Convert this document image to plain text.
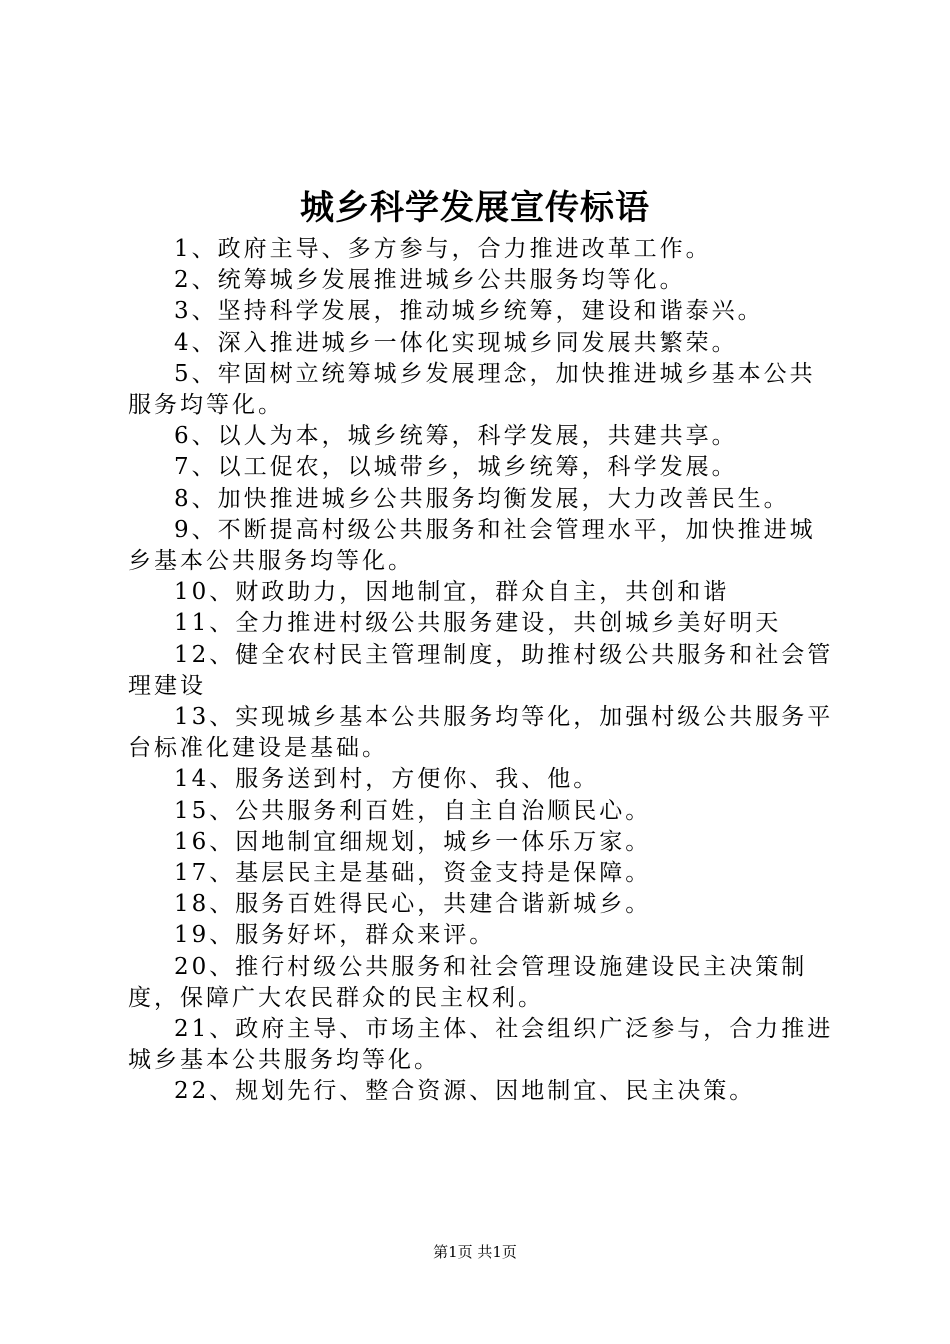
城乡科学发展宣传标语

1、政府主导、多方参与，合力推进改革工作。

2、统筹城乡发展推进城乡公共服务均等化。

3、坚持科学发展，推动城乡统筹，建设和谐泰兴。

4、深入推进城乡一体化实现城乡同发展共繁荣。

5、牢固树立统筹城乡发展理念，加快推进城乡基本公共服务均等化。

6、以人为本，城乡统筹，科学发展，共建共享。

7、以工促农，以城带乡，城乡统筹，科学发展。

8、加快推进城乡公共服务均衡发展，大力改善民生。

9、不断提高村级公共服务和社会管理水平，加快推进城乡基本公共服务均等化。

10、财政助力，因地制宜，群众自主，共创和谐

11、全力推进村级公共服务建设，共创城乡美好明天

12、健全农村民主管理制度，助推村级公共服务和社会管理建设

13、实现城乡基本公共服务均等化，加强村级公共服务平台标准化建设是基础。

14、服务送到村，方便你、我、他。

15、公共服务利百姓，自主自治顺民心。

16、因地制宜细规划，城乡一体乐万家。

17、基层民主是基础，资金支持是保障。

18、服务百姓得民心，共建合谐新城乡。

19、服务好坏，群众来评。

20、推行村级公共服务和社会管理设施建设民主决策制度，保障广大农民群众的民主权利。

21、政府主导、市场主体、社会组织广泛参与，合力推进城乡基本公共服务均等化。

22、规划先行、整合资源、因地制宜、民主决策。

第1页 共1页
